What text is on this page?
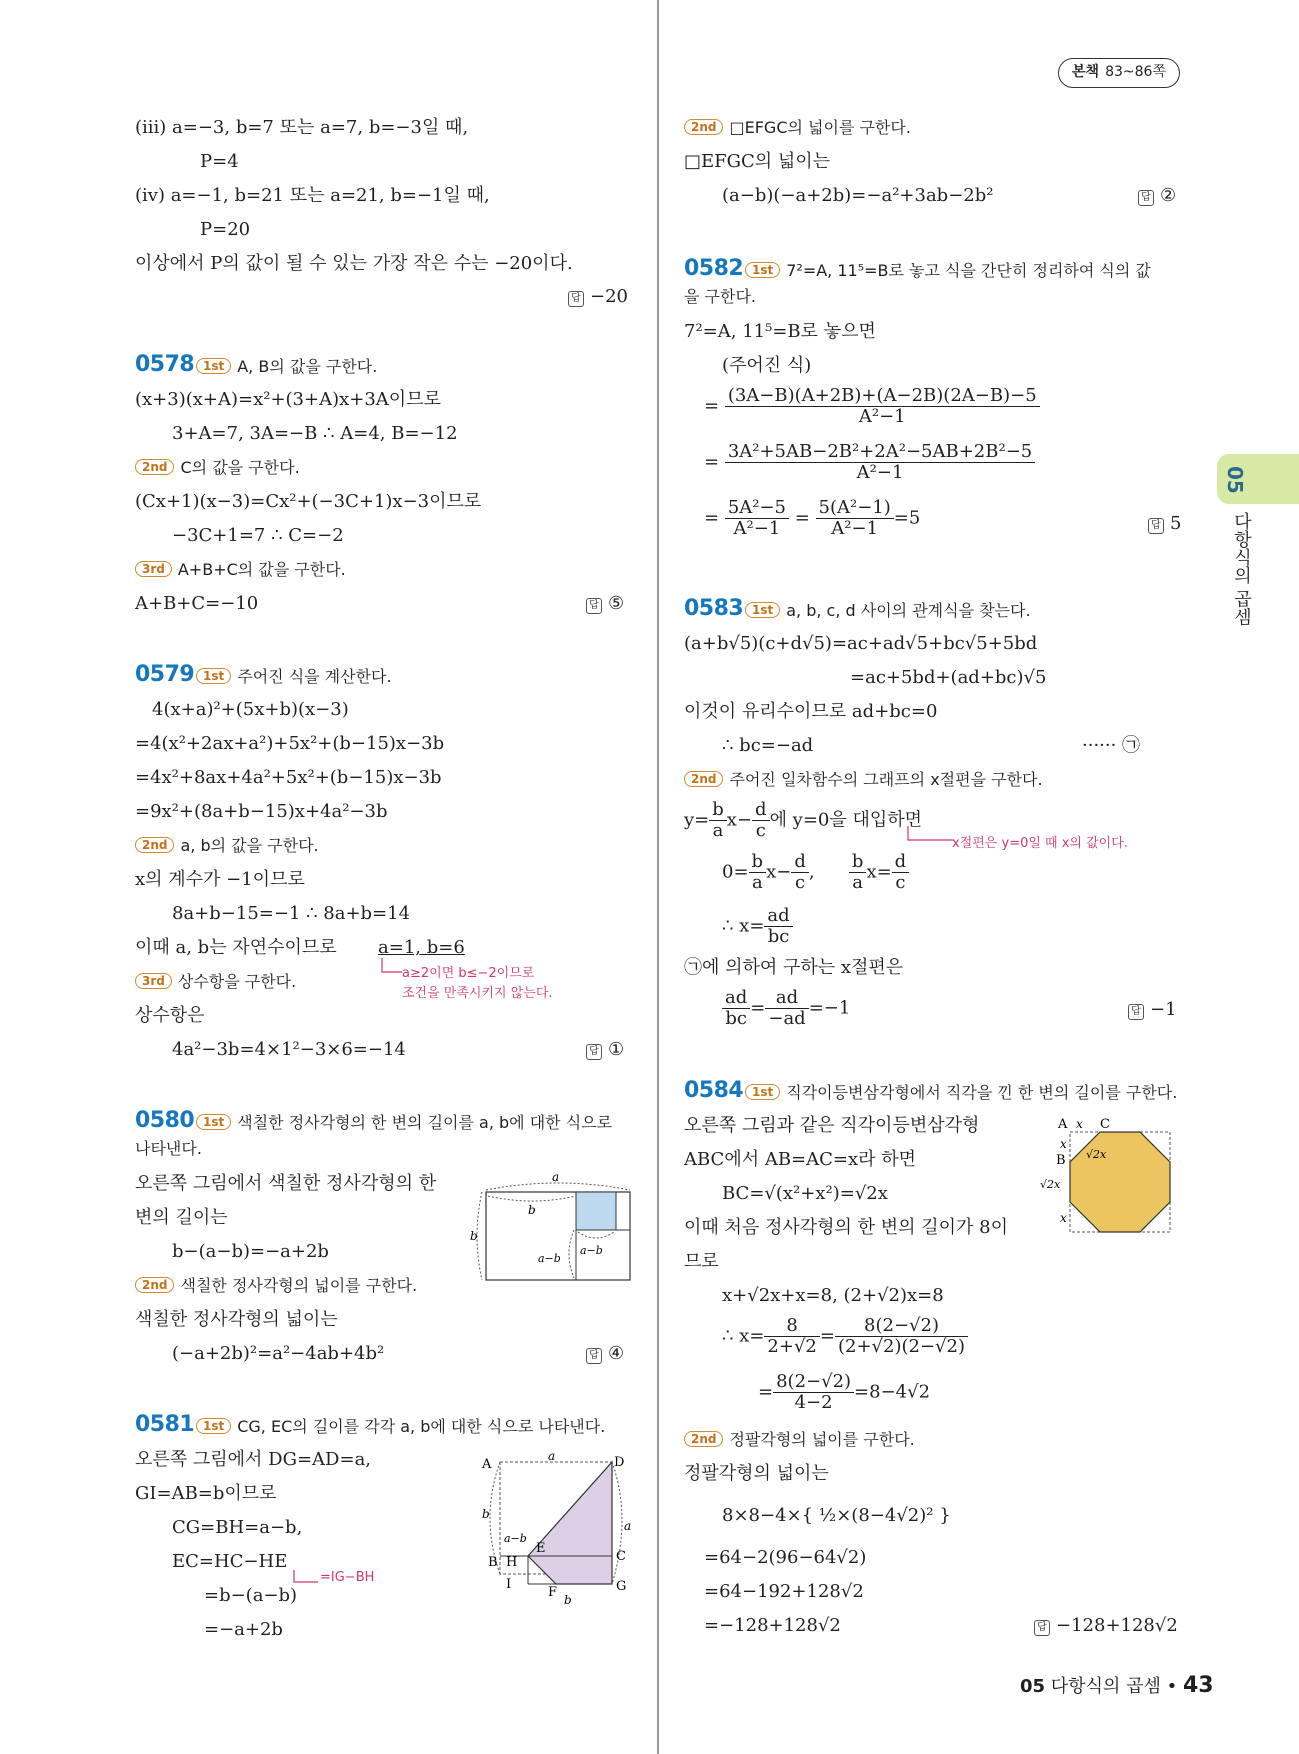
본책 83~86쪽
05
다항식의 곱셈
(ⅲ) a=−3, b=7 또는 a=7, b=−3일 때,
P=4
(ⅳ) a=−1, b=21 또는 a=21, b=−1일 때,
P=20
이상에서 P의 값이 될 수 있는 가장 작은 수는 −20이다.
답 −20
0578 1st A, B의 값을 구한다.
(x+3)(x+A)=x²+(3+A)x+3A이므로
3+A=7, 3A=−B ∴ A=4, B=−12
2nd C의 값을 구한다.
(Cx+1)(x−3)=Cx²+(−3C+1)x−3이므로
−3C+1=7 ∴ C=−2
3rd A+B+C의 값을 구한다.
A+B+C=−10	답 ⑤
0579 1st 주어진 식을 계산한다.
4(x+a)²+(5x+b)(x−3)
=4(x²+2ax+a²)+5x²+(b−15)x−3b
=4x²+8ax+4a²+5x²+(b−15)x−3b
=9x²+(8a+b−15)x+4a²−3b
2nd a, b의 값을 구한다.
x의 계수가 −1이므로
8a+b−15=−1 ∴ 8a+b=14
이때 a, b는 자연수이므로 a=1, b=6
a≥2이면 b≤−2이므로
조건을 만족시키지 않는다.
3rd 상수항을 구한다.
상수항은
4a²−3b=4×1²−3×6=−14	답 ①
0580 1st 색칠한 정사각형의 한 변의 길이를 a, b에 대한 식으로
나타낸다.
오른쪽 그림에서 색칠한 정사각형의 한
변의 길이는
b−(a−b)=−a+2b
2nd 색칠한 정사각형의 넓이를 구한다.
색칠한 정사각형의 넓이는
(−a+2b)²=a²−4ab+4b²	답 ④
a
b
b
a−b
a−b
0581 1st CG, EC의 길이를 각각 a, b에 대한 식으로 나타낸다.
오른쪽 그림에서 DG=AD=a,
GI=AB=b이므로
CG=BH=a−b,
EC=HC−HE
=IG−BH
=b−(a−b)
=−a+2b
A	D
a
b
a−b
a
B H
E
C
I
F	G
b
2nd □EFGC의 넓이를 구한다.
□EFGC의 넓이는
(a−b)(−a+2b)=−a²+3ab−2b²	답 ②
0582 1st 7²=A, 11⁵=B로 놓고 식을 간단히 정리하여 식의 값
을 구한다.
7²=A, 11⁵=B로 놓으면
(주어진 식)
= $\frac{(3A-B)(A+2B)+(A-2B)(2A-B)-5}{\text{A²−1}}$
= $\frac{\text{3A²+5AB−2B²+2A²−5AB+2B²−5}}{\text{A²−1}}$
= $\frac{\text{5A²−5}}{\text{A²−1}} = \frac{\text{5(A²−1)}}{\text{A²−1}} =5$	답 5
0583 1st a, b, c, d 사이의 관계식을 찾는다.
(a+b√5)(c+d√5)=ac+ad√5+bc√5+5bd
=ac+5bd+(ad+bc)√5
이것이 유리수이므로 ad+bc=0
∴ bc=−ad	······ ㉠
2nd 주어진 일차함수의 그래프의 x절편을 구한다.
$y= \frac{b}{a} x- \frac{d}{c}$ 에 y=0을 대입하면
x절편은 y=0일 때 x의 값이다.
$0= \frac{b}{a} x- \frac{d}{c}$ , $\frac{b}{a} x= \frac{d}{c}$
∴ $x= \frac{ad}{bc}$
㉠에 의하여 구하는 x절편은
$\frac{ad}{bc} = \frac{ad}{-ad} =-1$	답 −1
0584 1st 직각이등변삼각형에서 직각을 낀 한 변의 길이를 구한다.
오른쪽 그림과 같은 직각이등변삼각형
ABC에서 AB=AC=x라 하면
BC=√(x²+x²)=√2x
이때 처음 정사각형의 한 변의 길이가 8이
므로
x+√2x+x=8, (2+√2)x=8
∴ $x= \frac{8}{2+√2} = \frac{8(2-√2)}{(2+√2)(2-√2)}$
= $\frac{8(2-√2)}{4-2} =8-4√2$
2nd 정팔각형의 넓이를 구한다.
정팔각형의 넓이는
8×8−4×{ ½×(8−4√2)² }
=64−2(96−64√2)
=64−192+128√2
=−128+128√2	답 −128+128√2
A x C
x
B √2x
√2x
x
05 다항식의 곱셈 • 43
